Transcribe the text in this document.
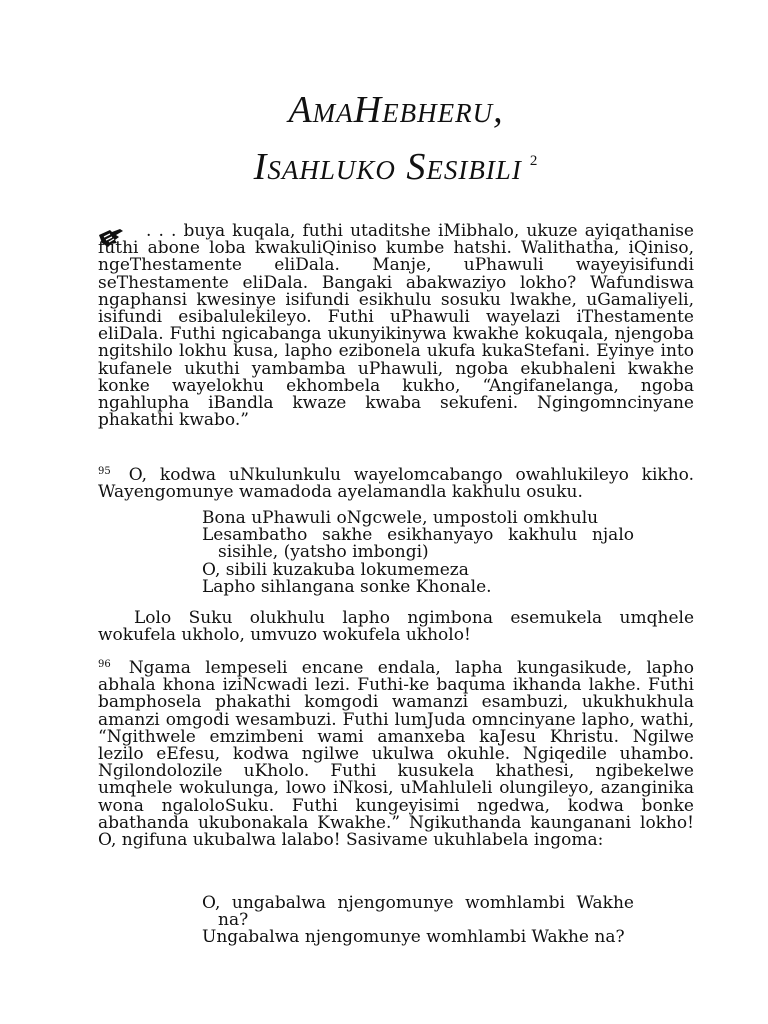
AMAHEBHERU,
ISAHLUKO SESIBILI $^2$

. . . buya kuqala, futhi utaditshe iMibhalo, ukuze ayiqathanise futhi abone loba kwakuliQiniso kumbe hatshi. Walithatha, iQiniso, ngeThestamente eliDala. Manje, uPhawuli wayeyisifundi seThestamente eliDala. Bangaki abakwaziyo lokho? Wafundiswa ngaphansi kwesinye isifundi esikhulu sosuku lwakhe, uGamaliyeli, isifundi esibalulekileyo. Futhi uPhawuli wayelazi iThestamente eliDala. Futhi ngicabanga ukunyikinywa kwakhe kokuqala, njengoba ngitshilo lokhu kusa, lapho ezibonela ukufa kukaStefani. Eyinye into kufanele ukuthi yambamba uPhawuli, ngoba ekubhaleni kwakhe konke wayelokhu ekhombela kukho, “Angifanelanga, ngoba ngahlupha iBandla kwaze kwaba sekufeni. Ngingomncinyane phakathi kwabo.”

$^{95}$ O, kodwa uNkulunkulu wayelomcabango owahlukileyo kikho. Wayengomunye wamadoda ayelamandla kakhulu osuku.

Bona uPhawuli oNgcwele, umpostoli omkhulu
Lesambatho sakhe esikhanyayo kakhulu njalo sisihle, (yatsho imbongi)
O, sibili kuzakuba lokumemeza
Lapho sihlangana sonke Khonale.

Lolo Suku olukhulu lapho ngimbona esemukela umqhele wokufela ukholo, umvuzo wokufela ukholo!

$^{96}$ Ngama lempeseli encane endala, lapha kungasikude, lapho abhala khona iziNcwadi lezi. Futhi-ke baquma ikhanda lakhe. Futhi bamphosela phakathi komgodi wamanzi esambuzi, ukukhukhula amanzi omgodi wesambuzi. Futhi lumJuda omncinyane lapho, wathi, “Ngithwele emzimbeni wami amanxeba kaJesu Khristu. Ngilwe lezilo eEfesu, kodwa ngilwe ukulwa okuhle. Ngiqedile uhambo. Ngilondolozile uKholo. Futhi kusukela khathesi, ngibekelwe umqhele wokulunga, lowo iNkosi, uMahluleli olungileyo, azanginika wona ngaloloSuku. Futhi kungeyisimi ngedwa, kodwa bonke abathanda ukubonakala Kwakhe.” Ngikuthanda kaunganani lokho! O, ngifuna ukubalwa lalabo! Sasivame ukuhlabela ingoma:

O, ungabalwa njengomunye womhlambi Wakhe na?
Ungabalwa njengomunye womhlambi Wakhe na?
